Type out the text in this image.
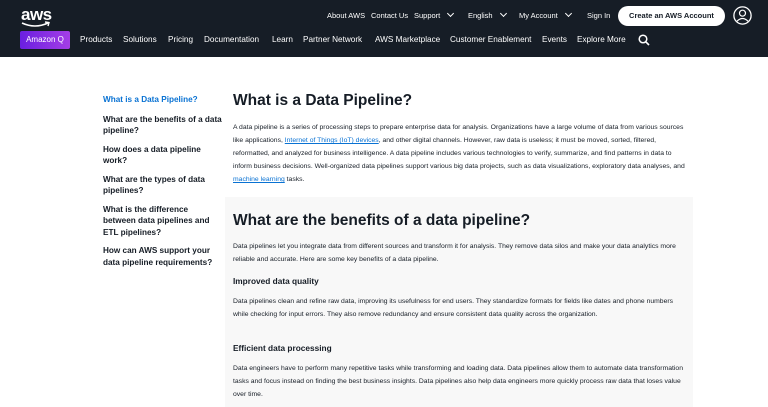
aws	About AWS Contact Us Support	English	My Account	Sign In	Create an AWS Account
Amazon Q	Products Solutions Pricing Documentation Learn Partner Network AWS Marketplace Customer Enablement Events Explore More
What is a Data Pipeline?
What are the benefits of a data pipeline?
How does a data pipeline work?
What are the types of data pipelines?
What is the difference between data pipelines and ETL pipelines?
How can AWS support your data pipeline requirements?
What is a Data Pipeline?

A data pipeline is a series of processing steps to prepare enterprise data for analysis. Organizations have a large volume of data from various sources like applications, Internet of Things (IoT) devices, and other digital channels. However, raw data is useless; it must be moved, sorted, filtered, reformatted, and analyzed for business intelligence. A data pipeline includes various technologies to verify, summarize, and find patterns in data to inform business decisions. Well-organized data pipelines support various big data projects, such as data visualizations, exploratory data analyses, and machine learning tasks.

What are the benefits of a data pipeline?

Data pipelines let you integrate data from different sources and transform it for analysis. They remove data silos and make your data analytics more reliable and accurate. Here are some key benefits of a data pipeline.

Improved data quality

Data pipelines clean and refine raw data, improving its usefulness for end users. They standardize formats for fields like dates and phone numbers while checking for input errors. They also remove redundancy and ensure consistent data quality across the organization.

Efficient data processing

Data engineers have to perform many repetitive tasks while transforming and loading data. Data pipelines allow them to automate data transformation tasks and focus instead on finding the best business insights. Data pipelines also help data engineers more quickly process raw data that loses value over time.
